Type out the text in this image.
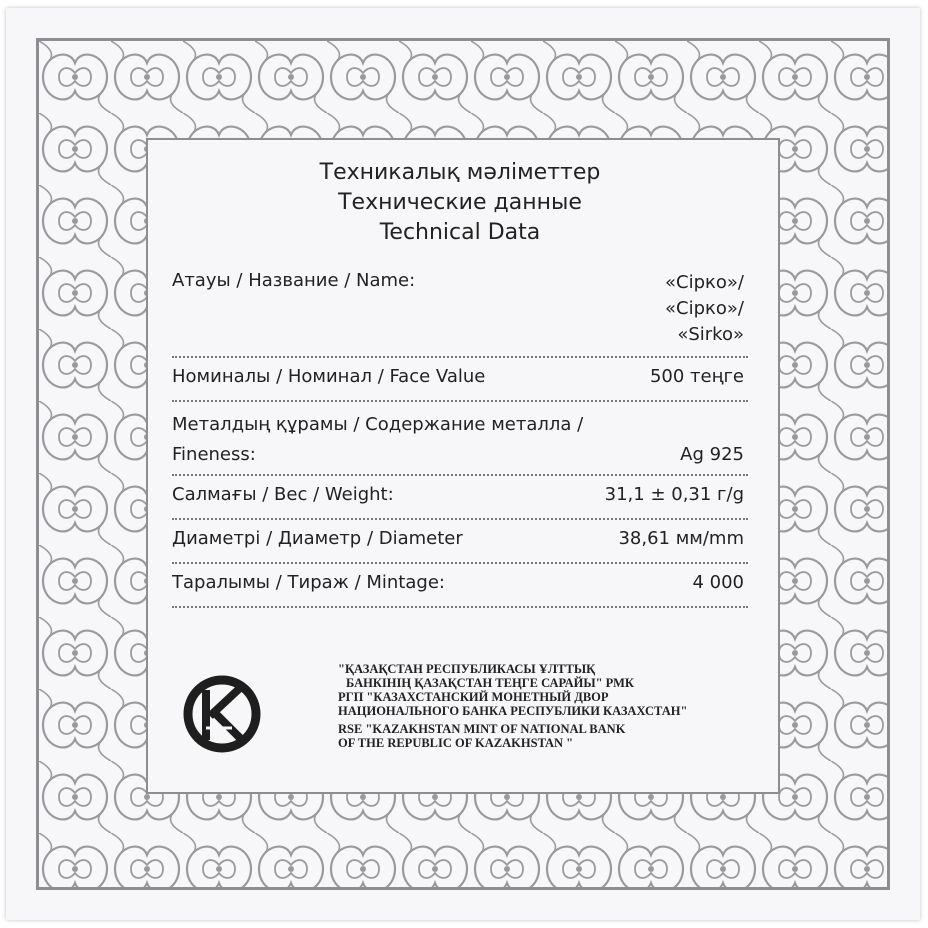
Техникалық мәліметтер
Технические данные
Technical Data
Атауы / Название / Name:	«Сірко»/
«Сірко»/
«Sirko»
Номиналы / Номинал / Face Value	500 теңге
Металдың құрамы / Содержание металла /
Fineness:	Ag 925
Салмағы / Вес / Weight:	31,1 ± 0,31 г/g
Диаметрі / Диаметр / Diameter	38,61 мм/mm
Таралымы / Тираж / Mintage:	4 000
"ҚАЗАҚСТАН РЕСПУБЛИКАСЫ ҰЛТТЫҚ
БАНКІНІҢ ҚАЗАҚСТАН ТЕҢГЕ САРАЙЫ" РМК
РГП "КАЗАХСТАНСКИЙ МОНЕТНЫЙ ДВОР
НАЦИОНАЛЬНОГО БАНКА РЕСПУБЛИКИ КАЗАХСТАН"
RSE "KAZAKHSTAN MINT OF NATIONAL BANK
OF THE REPUBLIC OF KAZAKHSTAN "
